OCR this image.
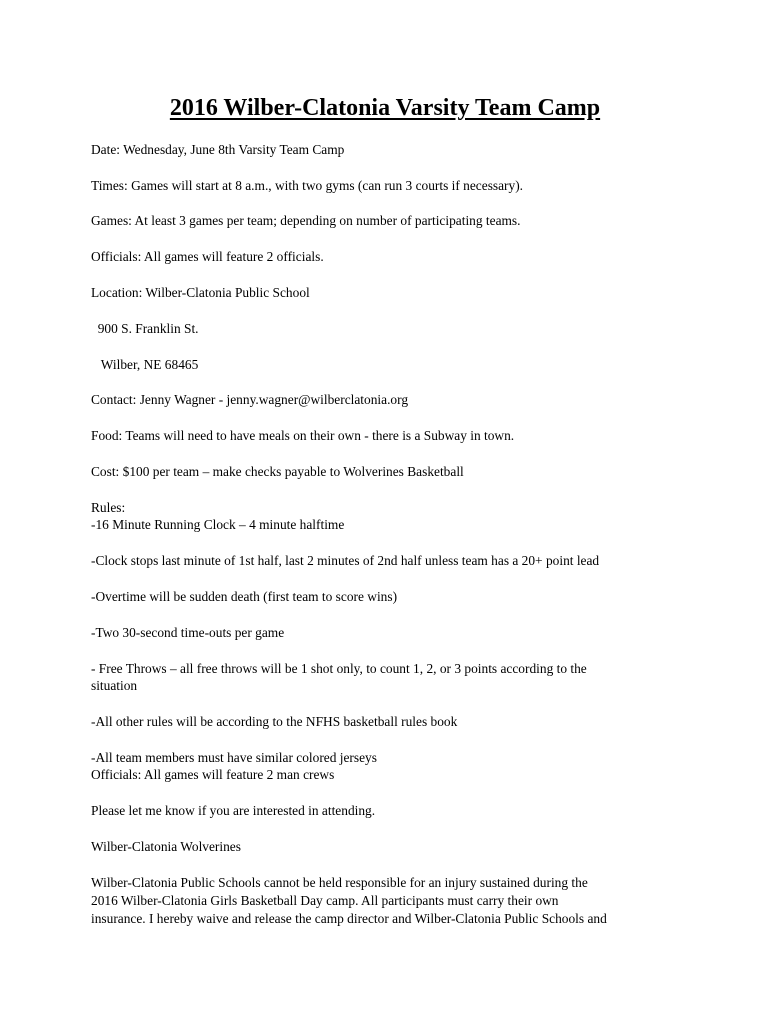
2016 Wilber-Clatonia Varsity Team Camp
Date: Wednesday, June 8th Varsity Team Camp
Times: Games will start at 8 a.m., with two gyms (can run 3 courts if necessary).
Games: At least 3 games per team; depending on number of participating teams.
Officials: All games will feature 2 officials.
Location: Wilber-Clatonia Public School
900 S. Franklin St.
Wilber, NE 68465
Contact: Jenny Wagner - jenny.wagner@wilberclatonia.org
Food: Teams will need to have meals on their own - there is a Subway in town.
Cost: $100 per team – make checks payable to Wolverines Basketball
Rules:
-16 Minute Running Clock – 4 minute halftime
-Clock stops last minute of 1st half, last 2 minutes of 2nd half unless team has a 20+ point lead
-Overtime will be sudden death (first team to score wins)
-Two 30-second time-outs per game
- Free Throws – all free throws will be 1 shot only, to count 1, 2, or 3 points according to the
situation
-All other rules will be according to the NFHS basketball rules book
-All team members must have similar colored jerseys
Officials: All games will feature 2 man crews
Please let me know if you are interested in attending.
Wilber-Clatonia Wolverines
Wilber-Clatonia Public Schools cannot be held responsible for an injury sustained during the
2016 Wilber-Clatonia Girls Basketball Day camp. All participants must carry their own
insurance. I hereby waive and release the camp director and Wilber-Clatonia Public Schools and
